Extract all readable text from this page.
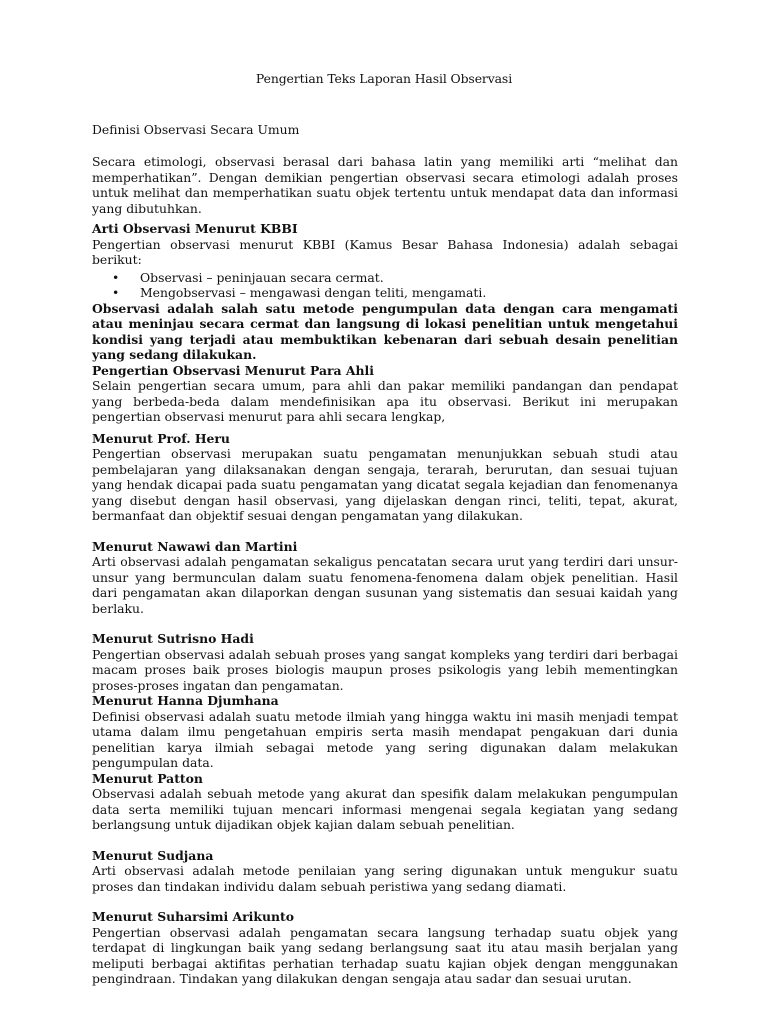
Pengertian Teks Laporan Hasil Observasi
Definisi Observasi Secara Umum

Secara etimologi, observasi berasal dari bahasa latin yang memiliki arti “melihat dan memperhatikan”. Dengan demikian pengertian observasi secara etimologi adalah proses untuk melihat dan memperhatikan suatu objek tertentu untuk mendapat data dan informasi yang dibutuhkan.

Arti Observasi Menurut KBBI

Pengertian observasi menurut KBBI (Kamus Besar Bahasa Indonesia) adalah sebagai berikut:

• Observasi – peninjauan secara cermat.
• Mengobservasi – mengawasi dengan teliti, mengamati.

Observasi adalah salah satu metode pengumpulan data dengan cara mengamati atau meninjau secara cermat dan langsung di lokasi penelitian untuk mengetahui kondisi yang terjadi atau membuktikan kebenaran dari sebuah desain penelitian yang sedang dilakukan.

Pengertian Observasi Menurut Para Ahli

Selain pengertian secara umum, para ahli dan pakar memiliki pandangan dan pendapat yang berbeda-beda dalam mendefinisikan apa itu observasi. Berikut ini merupakan pengertian observasi menurut para ahli secara lengkap,

Menurut Prof. Heru

Pengertian observasi merupakan suatu pengamatan menunjukkan sebuah studi atau pembelajaran yang dilaksanakan dengan sengaja, terarah, berurutan, dan sesuai tujuan yang hendak dicapai pada suatu pengamatan yang dicatat segala kejadian dan fenomenanya yang disebut dengan hasil observasi, yang dijelaskan dengan rinci, teliti, tepat, akurat, bermanfaat dan objektif sesuai dengan pengamatan yang dilakukan.

Menurut Nawawi dan Martini

Arti observasi adalah pengamatan sekaligus pencatatan secara urut yang terdiri dari unsur-unsur yang bermunculan dalam suatu fenomena-fenomena dalam objek penelitian. Hasil dari pengamatan akan dilaporkan dengan susunan yang sistematis dan sesuai kaidah yang berlaku.

Menurut Sutrisno Hadi

Pengertian observasi adalah sebuah proses yang sangat kompleks yang terdiri dari berbagai macam proses baik proses biologis maupun proses psikologis yang lebih mementingkan proses-proses ingatan dan pengamatan.

Menurut Hanna Djumhana

Definisi observasi adalah suatu metode ilmiah yang hingga waktu ini masih menjadi tempat utama dalam ilmu pengetahuan empiris serta masih mendapat pengakuan dari dunia penelitian karya ilmiah sebagai metode yang sering digunakan dalam melakukan pengumpulan data.

Menurut Patton

Observasi adalah sebuah metode yang akurat dan spesifik dalam melakukan pengumpulan data serta memiliki tujuan mencari informasi mengenai segala kegiatan yang sedang berlangsung untuk dijadikan objek kajian dalam sebuah penelitian.

Menurut Sudjana

Arti observasi adalah metode penilaian yang sering digunakan untuk mengukur suatu proses dan tindakan individu dalam sebuah peristiwa yang sedang diamati.

Menurut Suharsimi Arikunto

Pengertian observasi adalah pengamatan secara langsung terhadap suatu objek yang terdapat di lingkungan baik yang sedang berlangsung saat itu atau masih berjalan yang meliputi berbagai aktifitas perhatian terhadap suatu kajian objek dengan menggunakan pengindraan. Tindakan yang dilakukan dengan sengaja atau sadar dan sesuai urutan.
